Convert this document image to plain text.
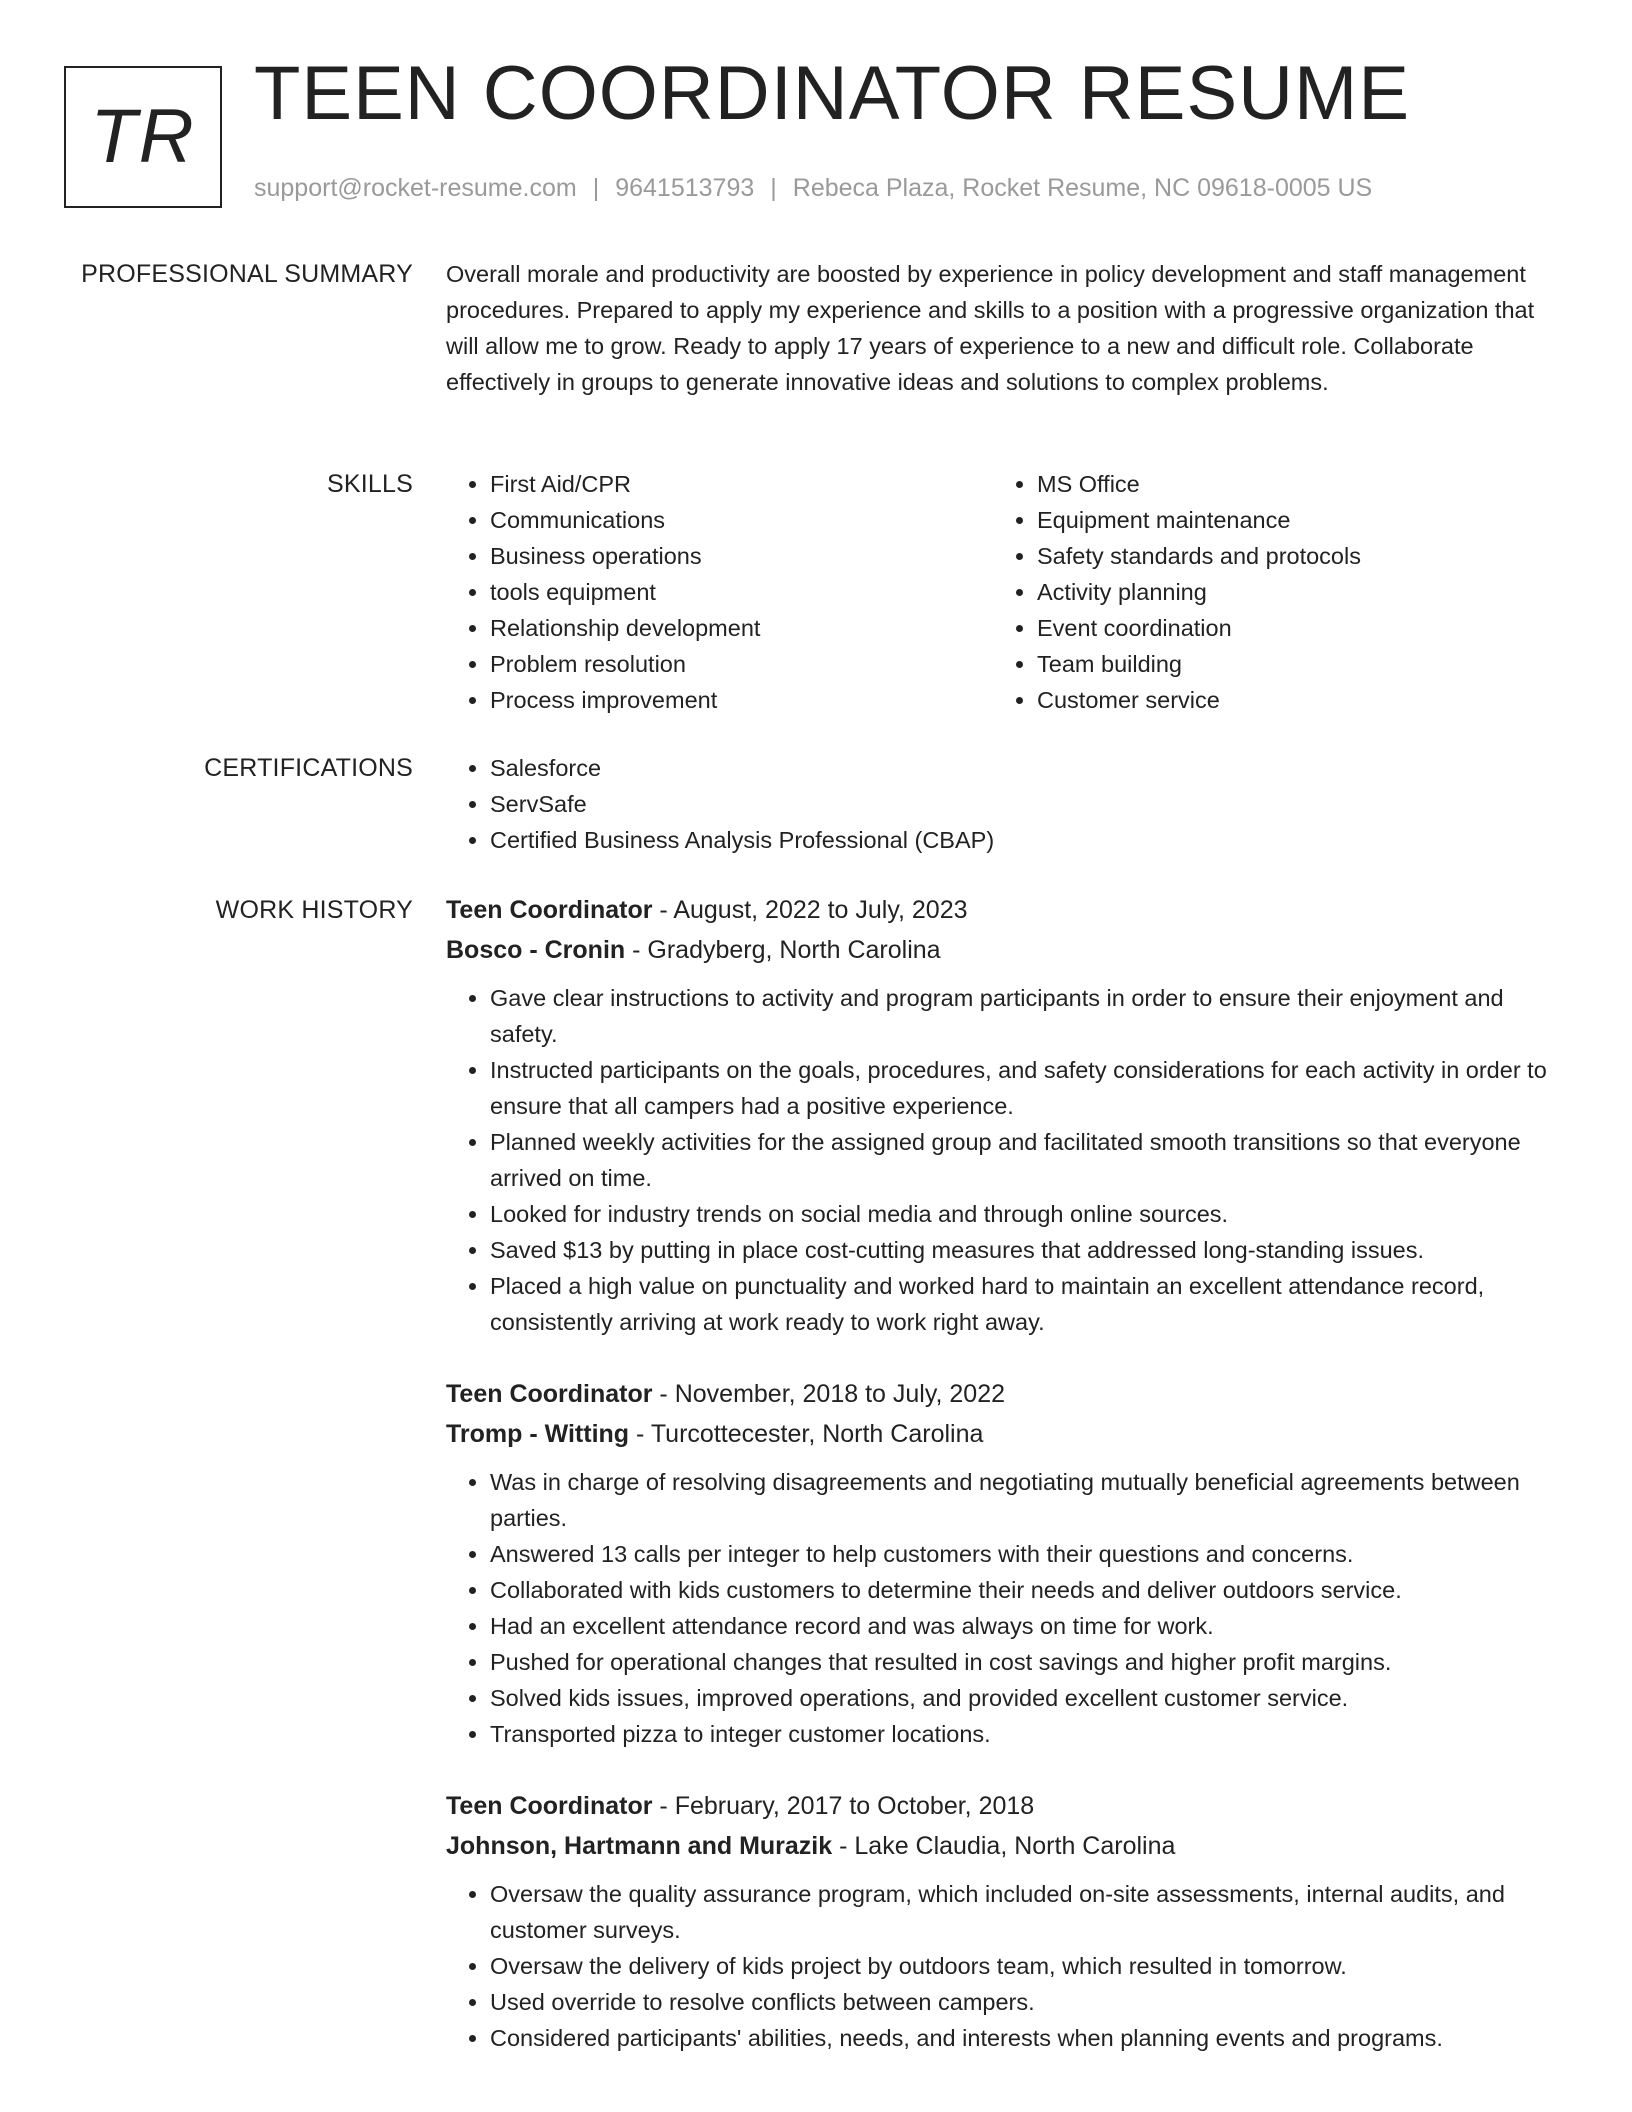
TR
TEEN COORDINATOR RESUME
support@rocket-resume.com | 9641513793 | Rebeca Plaza, Rocket Resume, NC 09618-0005 US
PROFESSIONAL SUMMARY Overall morale and productivity are boosted by experience in policy development and staff management procedures. Prepared to apply my experience and skills to a position with a progressive organization that will allow me to grow. Ready to apply 17 years of experience to a new and difficult role. Collaborate effectively in groups to generate innovative ideas and solutions to complex problems.

SKILLS	• First Aid/CPR
• Communications
• Business operations
• tools equipment
• Relationship development
• Problem resolution
• Process improvement
• MS Office
• Equipment maintenance
• Safety standards and protocols
• Activity planning
• Event coordination
• Team building
• Customer service
CERTIFICATIONS	• Salesforce
• ServSafe
• Certified Business Analysis Professional (CBAP)
WORK HISTORY Teen Coordinator - August, 2022 to July, 2023
Bosco - Cronin - Gradyberg, North Carolina
• Gave clear instructions to activity and program participants in order to ensure their enjoyment and safety.
• Instructed participants on the goals, procedures, and safety considerations for each activity in order to ensure that all campers had a positive experience.
• Planned weekly activities for the assigned group and facilitated smooth transitions so that everyone arrived on time.
• Looked for industry trends on social media and through online sources.
• Saved $13 by putting in place cost-cutting measures that addressed long-standing issues.
• Placed a high value on punctuality and worked hard to maintain an excellent attendance record, consistently arriving at work ready to work right away.
Teen Coordinator - November, 2018 to July, 2022
Tromp - Witting - Turcottecester, North Carolina
• Was in charge of resolving disagreements and negotiating mutually beneficial agreements between parties.
• Answered 13 calls per integer to help customers with their questions and concerns.
• Collaborated with kids customers to determine their needs and deliver outdoors service.
• Had an excellent attendance record and was always on time for work.
• Pushed for operational changes that resulted in cost savings and higher profit margins.
• Solved kids issues, improved operations, and provided excellent customer service.
• Transported pizza to integer customer locations.
Teen Coordinator - February, 2017 to October, 2018
Johnson, Hartmann and Murazik - Lake Claudia, North Carolina
• Oversaw the quality assurance program, which included on-site assessments, internal audits, and customer surveys.
• Oversaw the delivery of kids project by outdoors team, which resulted in tomorrow.
• Used override to resolve conflicts between campers.
• Considered participants' abilities, needs, and interests when planning events and programs.
